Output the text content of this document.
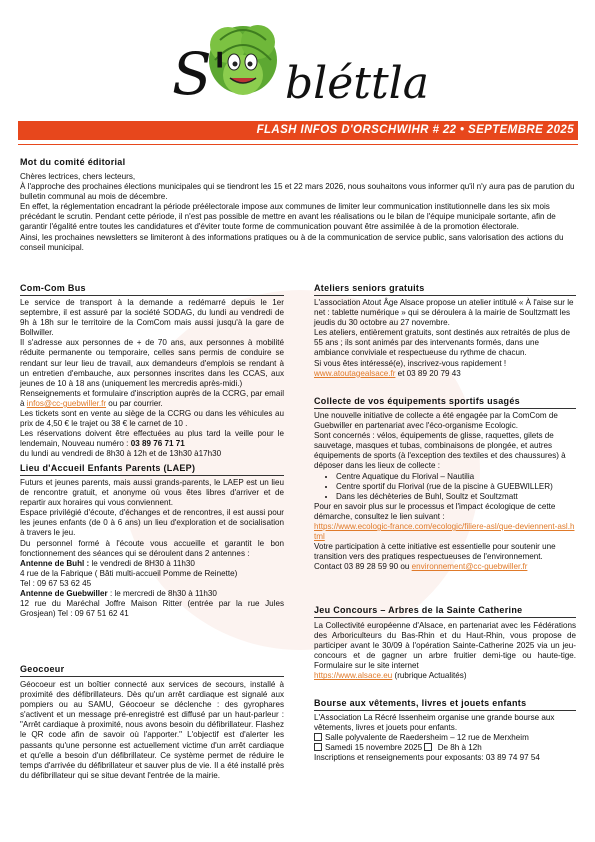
S' bléttla
FLASH INFOS D'ORSCHWIHR # 22 • SEPTEMBRE 2025
Mot du comité éditorial

Chères lectrices, chers lecteurs,

À l'approche des prochaines élections municipales qui se tiendront les 15 et 22 mars 2026, nous souhaitons vous informer qu'il n'y aura pas de parution du bulletin communal au mois de décembre.

En effet, la réglementation encadrant la période préélectorale impose aux communes de limiter leur communication institutionnelle dans les six mois précédant le scrutin. Pendant cette période, il n'est pas possible de mettre en avant les réalisations ou le bilan de l'équipe municipale sortante, afin de garantir l'égalité entre toutes les candidatures et d'éviter toute forme de communication pouvant être assimilée à de la promotion électorale.

Ainsi, les prochaines newsletters se limiteront à des informations pratiques ou à de la communication de service public, sans valorisation des actions du conseil municipal.

Com-Com Bus

Le service de transport à la demande a redémarré depuis le 1er septembre, il est assuré par la société SODAG, du lundi au vendredi de 9h à 18h sur le territoire de la ComCom mais aussi jusqu'à la gare de Bollwiller.

Il s'adresse aux personnes de + de 70 ans, aux personnes à mobilité réduite permanente ou temporaire, celles sans permis de conduire se rendant sur leur lieu de travail, aux demandeurs d'emplois se rendant à un entretien d'embauche, aux personnes inscrites dans les CCAS, aux jeunes de 10 à 18 ans (uniquement les mercredis après-midi.)

Renseignements et formulaire d'inscription auprès de la CCRG, par email à infos@cc-guebwiller.fr ou par courrier.

Les tickets sont en vente au siège de la CCRG ou dans les véhicules au prix de 4,50 € le trajet ou 38 € le carnet de 10 .

Les réservations doivent être effectuées au plus tard la veille pour le lendemain, Nouveau numéro : 03 89 76 71 71

du lundi au vendredi de 8h30 à 12h et de 13h30 à17h30

Lieu d'Accueil Enfants Parents (LAEP)

Futurs et jeunes parents, mais aussi grands-parents, le LAEP est un lieu de rencontre gratuit, et anonyme où vous êtes libres d'arriver et de repartir aux horaires qui vous conviennent.

Espace privilégié d'écoute, d'échanges et de rencontres, il est aussi pour les jeunes enfants (de 0 à 6 ans) un lieu d'exploration et de socialisation à travers le jeu.

Du personnel formé à l'écoute vous accueille et garantit le bon fonctionnement des séances qui se déroulent dans 2 antennes :

Antenne de Buhl : le vendredi de 8H30 à 11h30

4 rue de la Fabrique ( Bâti multi-accueil Pomme de Reinette)

Tel : 09 67 53 62 45

Antenne de Guebwiller : le mercredi de 8h30 à 11h30

12 rue du Maréchal Joffre Maison Ritter (entrée par la rue Jules Grosjean) Tel : 09 67 51 62 41

Geocoeur

Géocoeur est un boîtier connecté aux services de secours, installé à proximité des défibrillateurs. Dès qu'un arrêt cardiaque est signalé aux pompiers ou au SAMU, Géocoeur se déclenche : des gyrophares s'activent et un message pré-enregistré est diffusé par un haut-parleur : "Arrêt cardiaque à proximité, nous avons besoin du défibrillateur. Flashez le QR code afin de savoir où l'apporter." L'objectif est d'alerter les passants qu'une personne est actuellement victime d'un arrêt cardiaque et qu'elle a besoin d'un défibrillateur. Ce système permet de réduire le temps d'arrivée du défibrillateur et sauver plus de vie. Il a été installé près du défibrillateur qui se situe devant l'entrée de la mairie.

Ateliers seniors gratuits

L'association Atout Âge Alsace propose un atelier intitulé « À l'aise sur le net : tablette numérique » qui se déroulera à la mairie de Soultzmatt les jeudis du 30 octobre au 27 novembre.

Les ateliers, entièrement gratuits, sont destinés aux retraités de plus de 55 ans ; ils sont animés par des intervenants formés, dans une ambiance conviviale et respectueuse du rythme de chacun.

Si vous êtes intéressé(e), inscrivez-vous rapidement !

www.atoutagealsace.fr et 03 89 20 79 43

Collecte de vos équipements sportifs usagés

Une nouvelle initiative de collecte a été engagée par la ComCom de Guebwiller en partenariat avec l'éco-organisme Ecologic.

Sont concernés : vélos, équipements de glisse, raquettes, gilets de sauvetage, masques et tubas, combinaisons de plongée, et autres équipements de sports (à l'exception des textiles et des chaussures) à déposer dans les lieux de collecte :

• Centre Aquatique du Florival – Nautilia
• Centre sportif du Florival (rue de la piscine à GUEBWILLER)
• Dans les déchèteries de Buhl, Soultz et Soultzmatt

Pour en savoir plus sur le processus et l'impact écologique de cette démarche, consultez le lien suivant :

https://www.ecologic-france.com/ecologic/filiere-asl/que-deviennent-asl.html

Votre participation à cette initiative est essentielle pour soutenir une transition vers des pratiques respectueuses de l'environnement.

Contact 03 89 28 59 90 ou environnement@cc-guebwiller.fr

Jeu Concours – Arbres de la Sainte Catherine

La Collectivité européenne d'Alsace, en partenariat avec les Fédérations des Arboriculteurs du Bas-Rhin et du Haut-Rhin, vous propose de participer avant le 30/09 à l'opération Sainte-Catherine 2025 via un jeu-concours et de gagner un arbre fruitier demi-tige ou haute-tige. Formulaire sur le site internet

https://www.alsace.eu (rubrique Actualités)

Bourse aux vêtements, livres et jouets enfants

L'Association La Récré Issenheim organise une grande bourse aux vêtements, livres et jouets pour enfants.

Salle polyvalente de Raedersheim – 12 rue de Merxheim

Samedi 15 novembre 2025  De 8h à 12h

Inscriptions et renseignements pour exposants: 03 89 74 97 54
